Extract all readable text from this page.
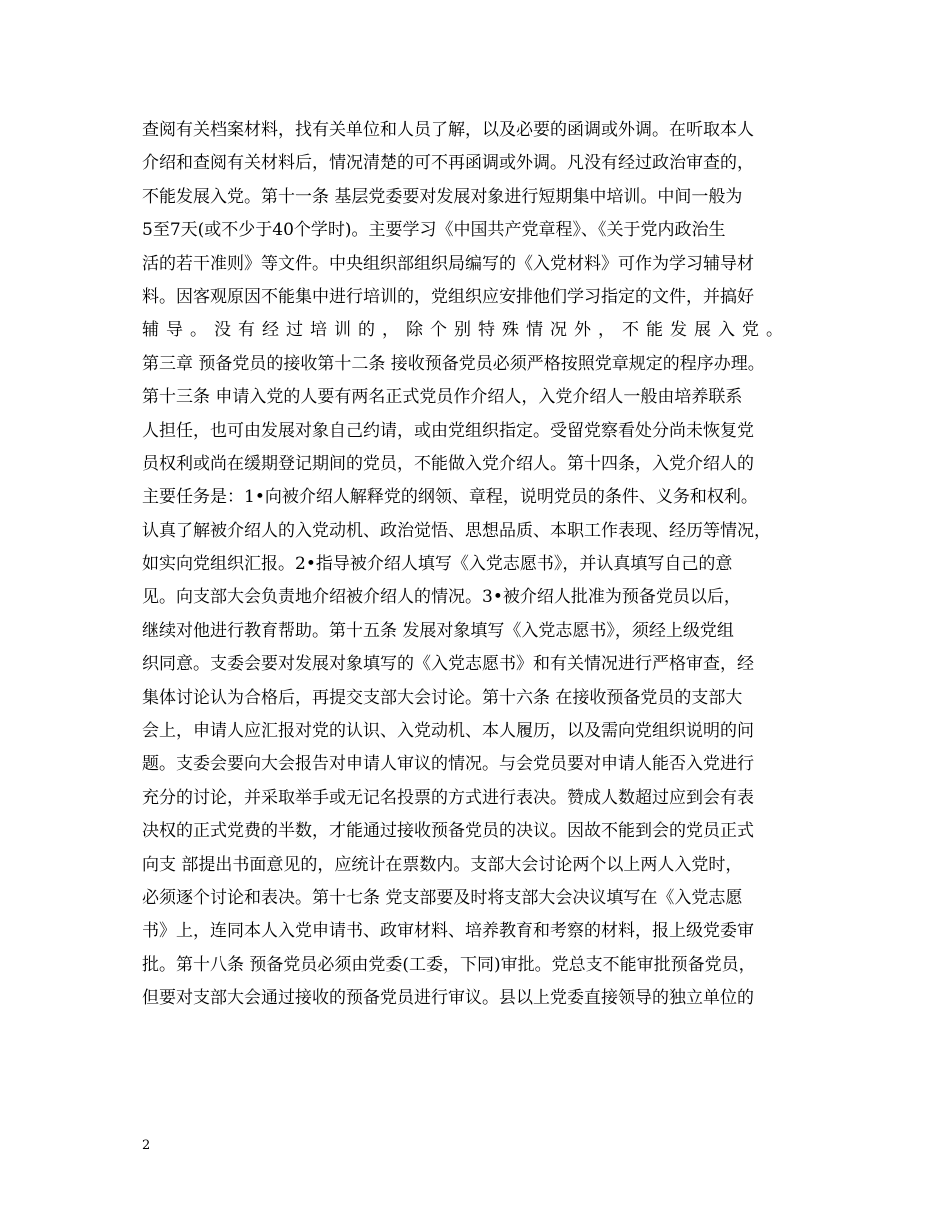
查阅有关档案材料，找有关单位和人员了解，以及必要的函调或外调。在听取本人
介绍和查阅有关材料后，情况清楚的可不再函调或外调。凡没有经过政治审查的，
不能发展入党。第十一条 基层党委要对发展对象进行短期集中培训。中间一般为
5至7天(或不少于40个学时)。主要学习《中国共产党章程》、《关于党内政治生
活的若干准则》等文件。中央组织部组织局编写的《入党材料》可作为学习辅导材
料。因客观原因不能集中进行培训的，党组织应安排他们学习指定的文件，并搞好
辅导。没有经过培训的，除个别特殊情况外，不能发展入党。
第三章 预备党员的接收第十二条 接收预备党员必须严格按照党章规定的程序办理。
第十三条 申请入党的人要有两名正式党员作介绍人，入党介绍人一般由培养联系
人担任，也可由发展对象自己约请，或由党组织指定。受留党察看处分尚未恢复党
员权利或尚在缓期登记期间的党员，不能做入党介绍人。第十四条，入党介绍人的
主要任务是：1•向被介绍人解释党的纲领、章程，说明党员的条件、义务和权利。
认真了解被介绍人的入党动机、政治觉悟、思想品质、本职工作表现、经历等情况，
如实向党组织汇报。2•指导被介绍人填写《入党志愿书》，并认真填写自己的意
见。向支部大会负责地介绍被介绍人的情况。3•被介绍人批准为预备党员以后，
继续对他进行教育帮助。第十五条 发展对象填写《入党志愿书》，须经上级党组
织同意。支委会要对发展对象填写的《入党志愿书》和有关情况进行严格审查，经
集体讨论认为合格后，再提交支部大会讨论。第十六条 在接收预备党员的支部大
会上，申请人应汇报对党的认识、入党动机、本人履历，以及需向党组织说明的问
题。支委会要向大会报告对申请人审议的情况。与会党员要对申请人能否入党进行
充分的讨论，并采取举手或无记名投票的方式进行表决。赞成人数超过应到会有表
决权的正式党费的半数，才能通过接收预备党员的决议。因故不能到会的党员正式
向支 部提出书面意见的，应统计在票数内。支部大会讨论两个以上两人入党时，
必须逐个讨论和表决。第十七条 党支部要及时将支部大会决议填写在《入党志愿
书》上，连同本人入党申请书、政审材料、培养教育和考察的材料，报上级党委审
批。第十八条 预备党员必须由党委(工委，下同)审批。党总支不能审批预备党员，
但要对支部大会通过接收的预备党员进行审议。县以上党委直接领导的独立单位的
2
